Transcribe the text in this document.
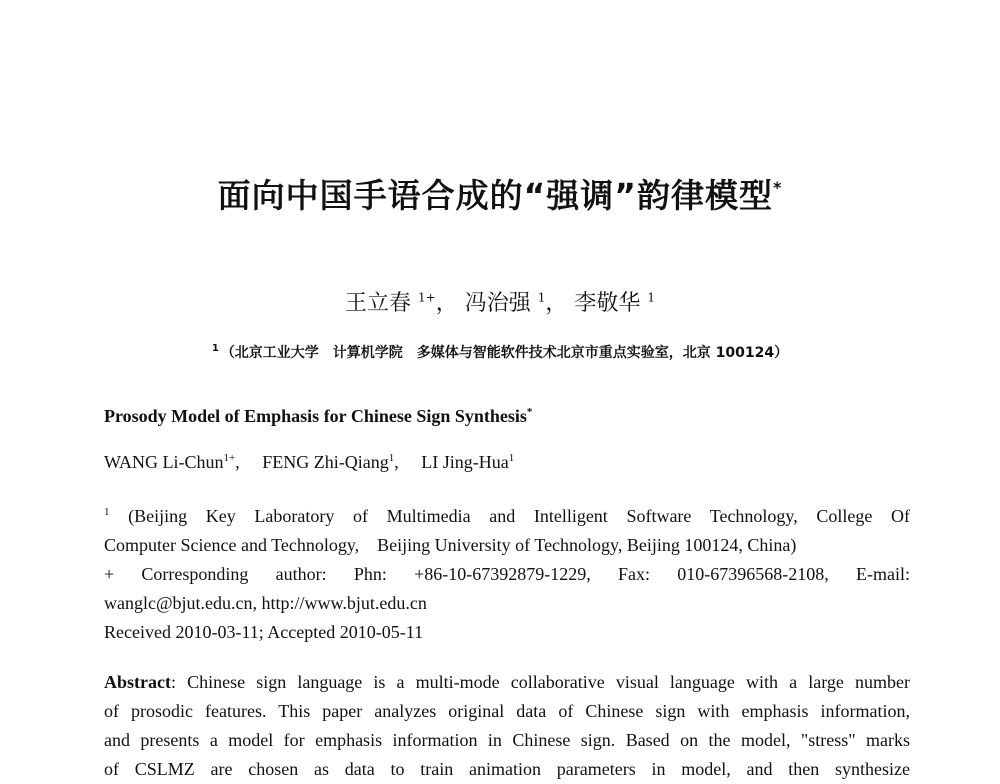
面向中国手语合成的“强调”韵律模型*
王立春 $^{1+}$， 冯治强 $^1$， 李敬华 $^1$
$^1$ （北京工业大学　计算机学院　多媒体与智能软件技术北京市重点实验室，北京 100124）
Prosody Model of Emphasis for Chinese Sign Synthesis*
WANG Li-Chun$^{1+}$, FENG Zhi-Qiang$^1$, LI Jing-Hua$^1$
$^1$ (Beijing Key Laboratory of Multimedia and Intelligent Software Technology, College Of
Computer Science and Technology,    Beijing University of Technology, Beijing 100124, China)
+ Corresponding author: Phn: +86-10-67392879-1229, Fax: 010-67396568-2108, E-mail:
wanglc@bjut.edu.cn, http://www.bjut.edu.cn
Received 2010-03-11; Accepted 2010-05-11
Abstract: Chinese sign language is a multi-mode collaborative visual language with a large number
of prosodic features. This paper analyzes original data of Chinese sign with emphasis information,
and presents a model for emphasis information in Chinese sign. Based on the model, "stress" marks
of CSLMZ are chosen as data to train animation parameters in model, and then synthesize
